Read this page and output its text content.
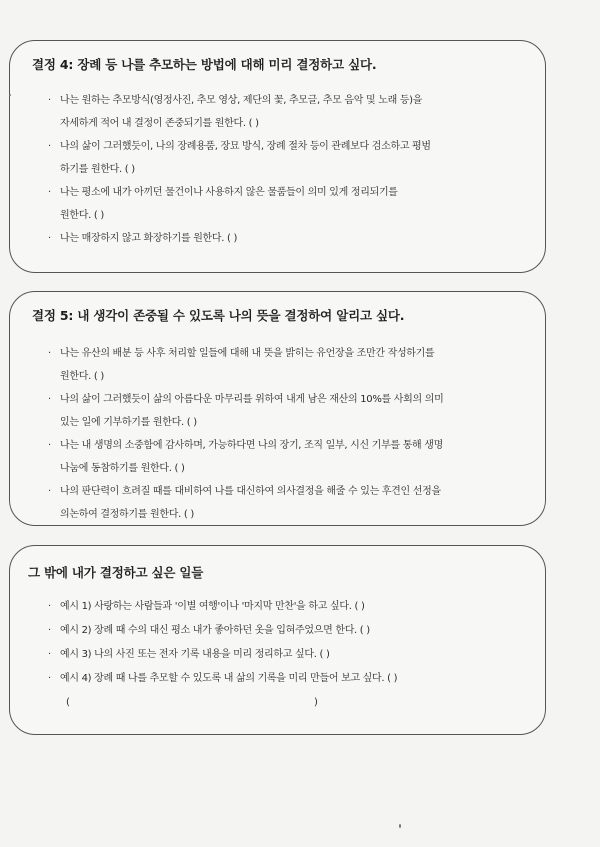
결정 4: 장례 등 나를 추모하는 방법에 대해 미리 결정하고 싶다.
· 나는 원하는 추모방식(영정사진, 추모 영상, 제단의 꽃, 추모글, 추모 음악 및 노래 등)을
자세하게 적어 내 결정이 존중되기를 원한다. ( )
· 나의 삶이 그러했듯이, 나의 장례용품, 장묘 방식, 장례 절차 등이 관례보다 검소하고 평범
하기를 원한다. ( )
· 나는 평소에 내가 아끼던 물건이나 사용하지 않은 물품들이 의미 있게 정리되기를
원한다. ( )
· 나는 매장하지 않고 화장하기를 원한다. ( )
결정 5: 내 생각이 존중될 수 있도록 나의 뜻을 결정하여 알리고 싶다.
· 나는 유산의 배분 등 사후 처리할 일들에 대해 내 뜻을 밝히는 유언장을 조만간 작성하기를
원한다. ( )
· 나의 삶이 그러했듯이 삶의 아름다운 마무리를 위하여 내게 남은 재산의 10%를 사회의 의미
있는 일에 기부하기를 원한다. ( )
· 나는 내 생명의 소중함에 감사하며, 가능하다면 나의 장기, 조직 일부, 시신 기부를 통해 생명
나눔에 동참하기를 원한다. ( )
· 나의 판단력이 흐려질 때를 대비하여 나를 대신하여 의사결정을 해줄 수 있는 후견인 선정을
의논하여 결정하기를 원한다. ( )
그 밖에 내가 결정하고 싶은 일들
· 예시 1) 사랑하는 사람들과 '이별 여행'이나 '마지막 만찬'을 하고 싶다. ( )
· 예시 2) 장례 때 수의 대신 평소 내가 좋아하던 옷을 입혀주었으면 한다. ( )
· 예시 3) 나의 사진 또는 전자 기록 내용을 미리 정리하고 싶다. ( )
· 예시 4) 장례 때 나를 추모할 수 있도록 내 삶의 기록을 미리 만들어 보고 싶다. ( )
(	)
